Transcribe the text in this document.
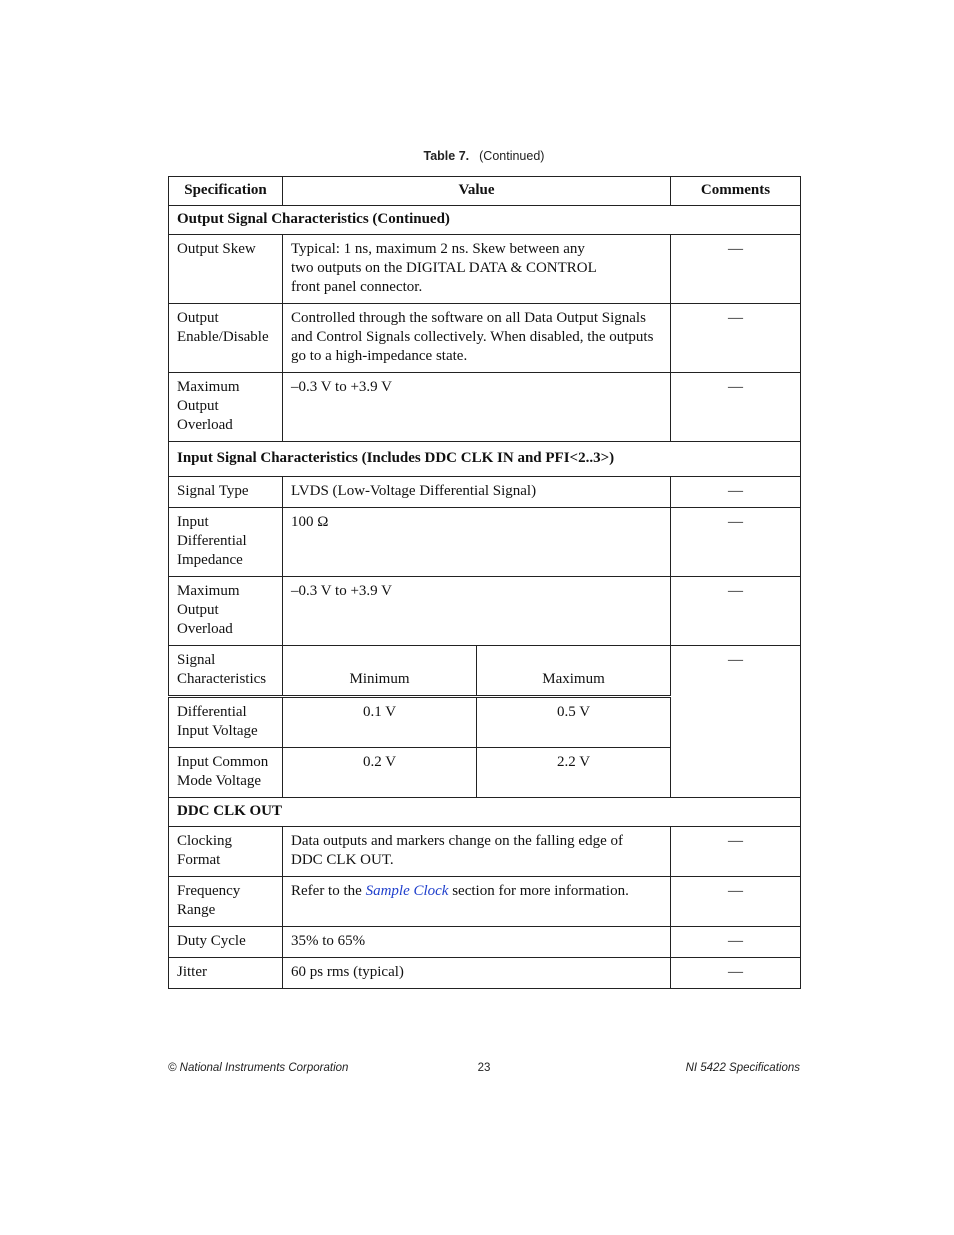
Table 7. (Continued)
Specification	Value		Comments
Output Signal Characteristics (Continued)			
Output Skew	Typical: 1 ns, maximum 2 ns. Skew between any two outputs on the DIGITAL DATA & CONTROL front panel connector.		—
Output Enable/Disable	Controlled through the software on all Data Output Signals and Control Signals collectively. When disabled, the outputs go to a high-impedance state.		—
Maximum Output Overload	–0.3 V to +3.9 V		—
Input Signal Characteristics (Includes DDC CLK IN and PFI<2..3>)			
Signal Type	LVDS (Low-Voltage Differential Signal)		—
Input Differential Impedance	100 Ω		—
Maximum Output Overload	–0.3 V to +3.9 V		—
Signal Characteristics	Minimum	Maximum	—
Differential Input Voltage	0.1 V	0.5 V	
Input Common Mode Voltage	0.2 V	2.2 V	
DDC CLK OUT			
Clocking Format	Data outputs and markers change on the falling edge of DDC CLK OUT.		—
Frequency Range	Refer to the Sample Clock section for more information.		—
Duty Cycle	35% to 65%		—
Jitter	60 ps rms (typical)		—
© National Instruments Corporation	23	NI 5422 Specifications
